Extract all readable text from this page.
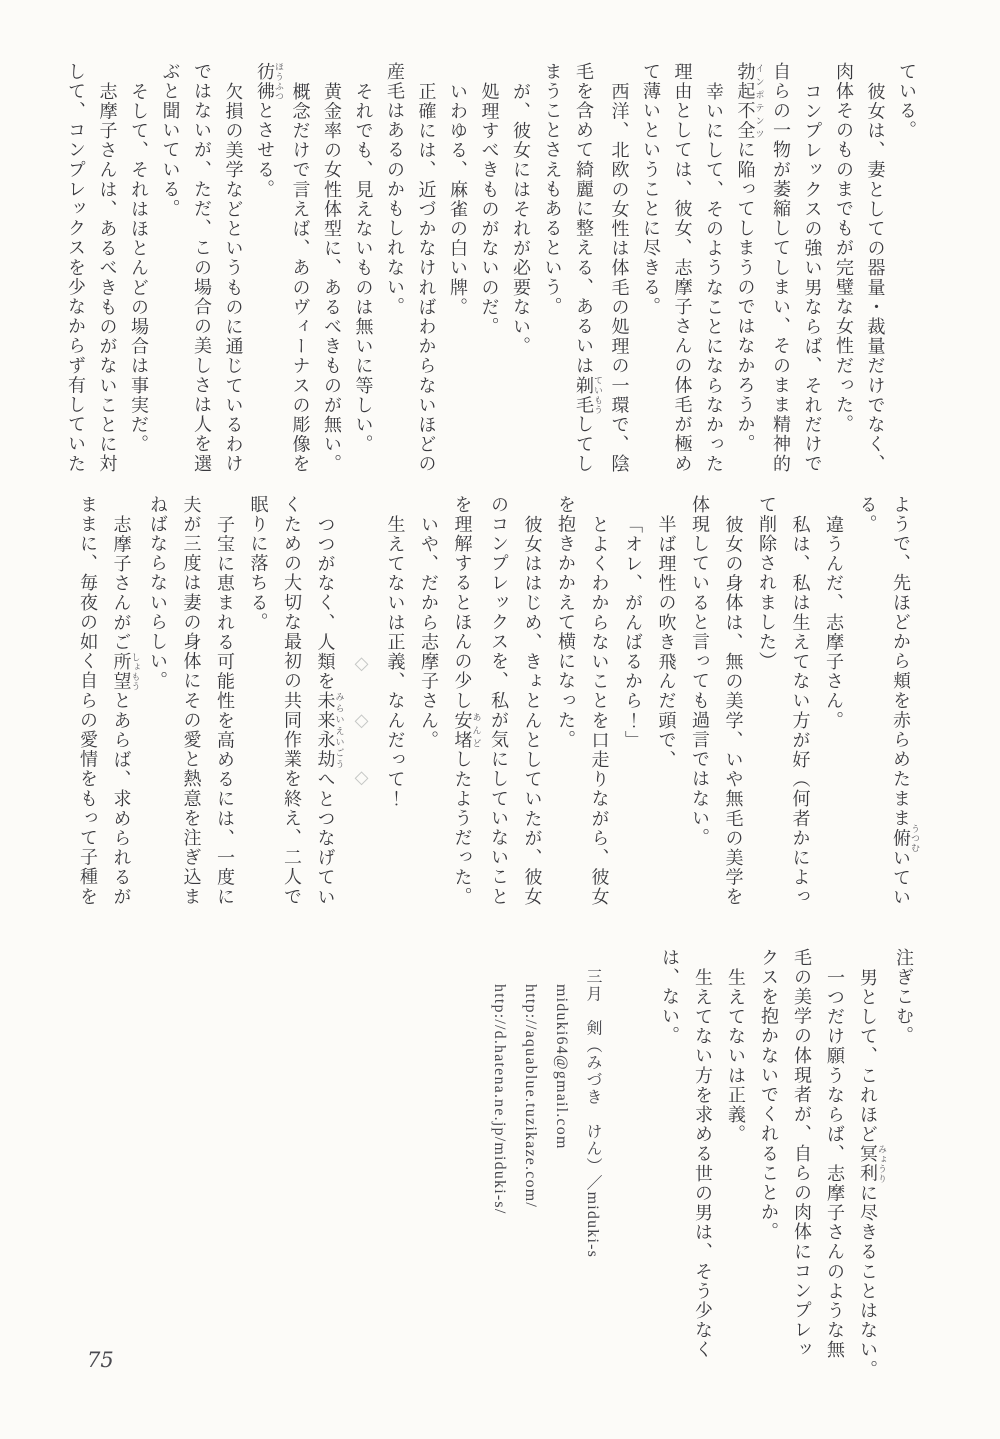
ている。

彼女は、妻としての器量・裁量だけでなく、

肉体そのものまでもが完璧な女性だった。

コンプレックスの強い男ならば、それだけで

自らの一物が萎縮してしまい、そのまま精神的

勃起不全 インポテンツに陥ってしまうのではなかろうか。

幸いにして、そのようなことにならなかった

理由としては、彼女、志摩子さんの体毛が極め

て薄いということに尽きる。

西洋、北欧の女性は体毛の処理の一環で、陰

毛を含めて綺麗に整える、あるいは剃毛 ていもうしてし

まうことさえもあるという。

が、彼女にはそれが必要ない。

処理すべきものがないのだ。

いわゆる、麻雀の白い牌。

正確には、近づかなければわからないほどの

産毛はあるのかもしれない。

それでも、見えないものは無いに等しい。

黄金率の女性体型に、あるべきものが無い。

概念だけで言えば、あのヴィーナスの彫像を

彷彿 ほうふつとさせる。

欠損の美学などというものに通じているわけ

ではないが、ただ、この場合の美しさは人を選

ぶと聞いている。

そして、それはほとんどの場合は事実だ。

志摩子さんは、あるべきものがないことに対

して、コンプレックスを少なからず有していた

ようで、先ほどから頬を赤らめたまま俯 うつむいてい

る。

違うんだ、志摩子さん。

私は、私は生えてない方が好（何者かによっ

て削除されました）

彼女の身体は、無の美学、いや無毛の美学を

体現していると言っても過言ではない。

半ば理性の吹き飛んだ頭で、

「オレ、がんばるから！」

とよくわからないことを口走りながら、彼女

を抱きかかえて横になった。

彼女ははじめ、きょとんとしていたが、彼女

のコンプレックスを、私が気にしていないこと

を理解するとほんの少し安堵 あんどしたようだった。

いや、だから志摩子さん。

生えてないは正義、なんだって！

◇　◇　◇

つつがなく、人類を未来永劫 みらいえいごうへとつなげてい

くための大切な最初の共同作業を終え、二人で

眠りに落ちる。

子宝に恵まれる可能性を高めるには、一度に

夫が三度は妻の身体にその愛と熱意を注ぎ込ま

ねばならないらしい。

志摩子さんがご所望 しょもうとあらば、求められるが

ままに、毎夜の如く自らの愛情をもって子種を

注ぎこむ。

男として、これほど冥利 みょうりに尽きることはない。

一つだけ願うならば、志摩子さんのような無

毛の美学の体現者が、自らの肉体にコンプレッ

クスを抱かないでくれることか。

生えてないは正義。

生えてない方を求める世の男は、そう少なく

は、ない。

三月　剣（みづき　けん）／miduki-s

miduki64@gmail.com

http://aquablue.tuzikaze.com/

http://d.hatena.ne.jp/miduki-s/

75
